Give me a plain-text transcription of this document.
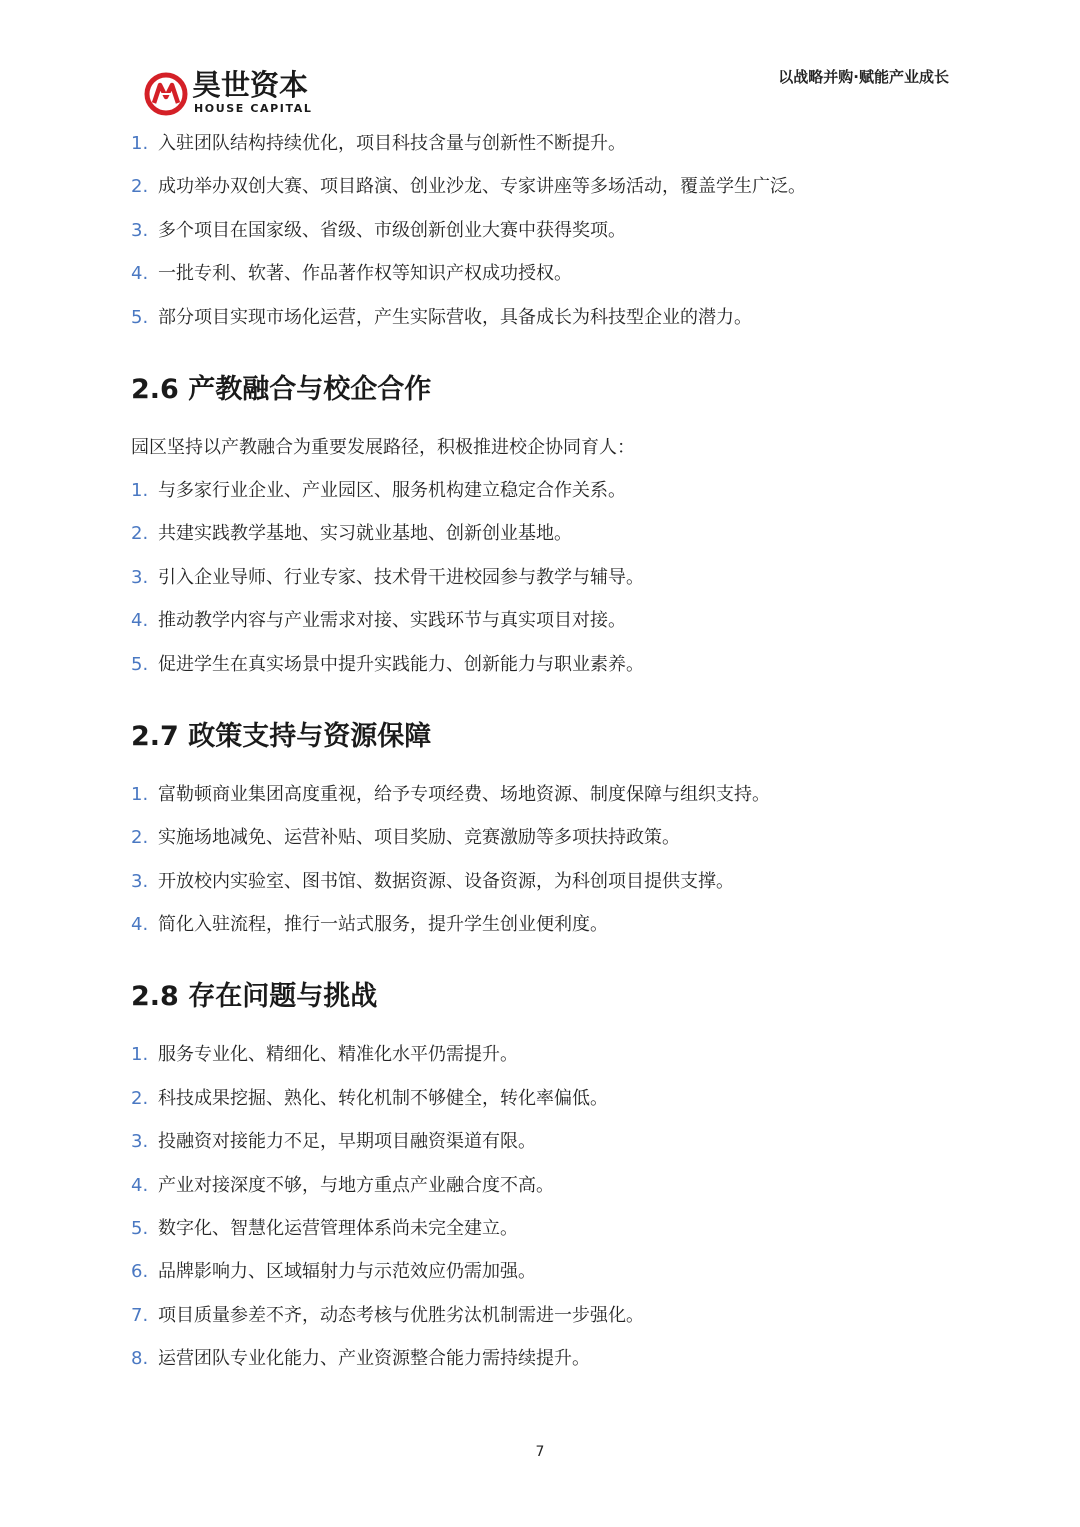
昊世资本
HOUSE CAPITAL
以战略并购·赋能产业成长
1. 入驻团队结构持续优化，项目科技含量与创新性不断提升。
2. 成功举办双创大赛、项目路演、创业沙龙、专家讲座等多场活动，覆盖学生广泛。
3. 多个项目在国家级、省级、市级创新创业大赛中获得奖项。
4. 一批专利、软著、作品著作权等知识产权成功授权。
5. 部分项目实现市场化运营，产生实际营收，具备成长为科技型企业的潜力。
2.6 产教融合与校企合作
园区坚持以产教融合为重要发展路径，积极推进校企协同育人：
1. 与多家行业企业、产业园区、服务机构建立稳定合作关系。
2. 共建实践教学基地、实习就业基地、创新创业基地。
3. 引入企业导师、行业专家、技术骨干进校园参与教学与辅导。
4. 推动教学内容与产业需求对接、实践环节与真实项目对接。
5. 促进学生在真实场景中提升实践能力、创新能力与职业素养。
2.7 政策支持与资源保障
1. 富勒顿商业集团高度重视，给予专项经费、场地资源、制度保障与组织支持。
2. 实施场地减免、运营补贴、项目奖励、竞赛激励等多项扶持政策。
3. 开放校内实验室、图书馆、数据资源、设备资源，为科创项目提供支撑。
4. 简化入驻流程，推行一站式服务，提升学生创业便利度。
2.8 存在问题与挑战
1. 服务专业化、精细化、精准化水平仍需提升。
2. 科技成果挖掘、熟化、转化机制不够健全，转化率偏低。
3. 投融资对接能力不足，早期项目融资渠道有限。
4. 产业对接深度不够，与地方重点产业融合度不高。
5. 数字化、智慧化运营管理体系尚未完全建立。
6. 品牌影响力、区域辐射力与示范效应仍需加强。
7. 项目质量参差不齐，动态考核与优胜劣汰机制需进一步强化。
8. 运营团队专业化能力、产业资源整合能力需持续提升。
7
